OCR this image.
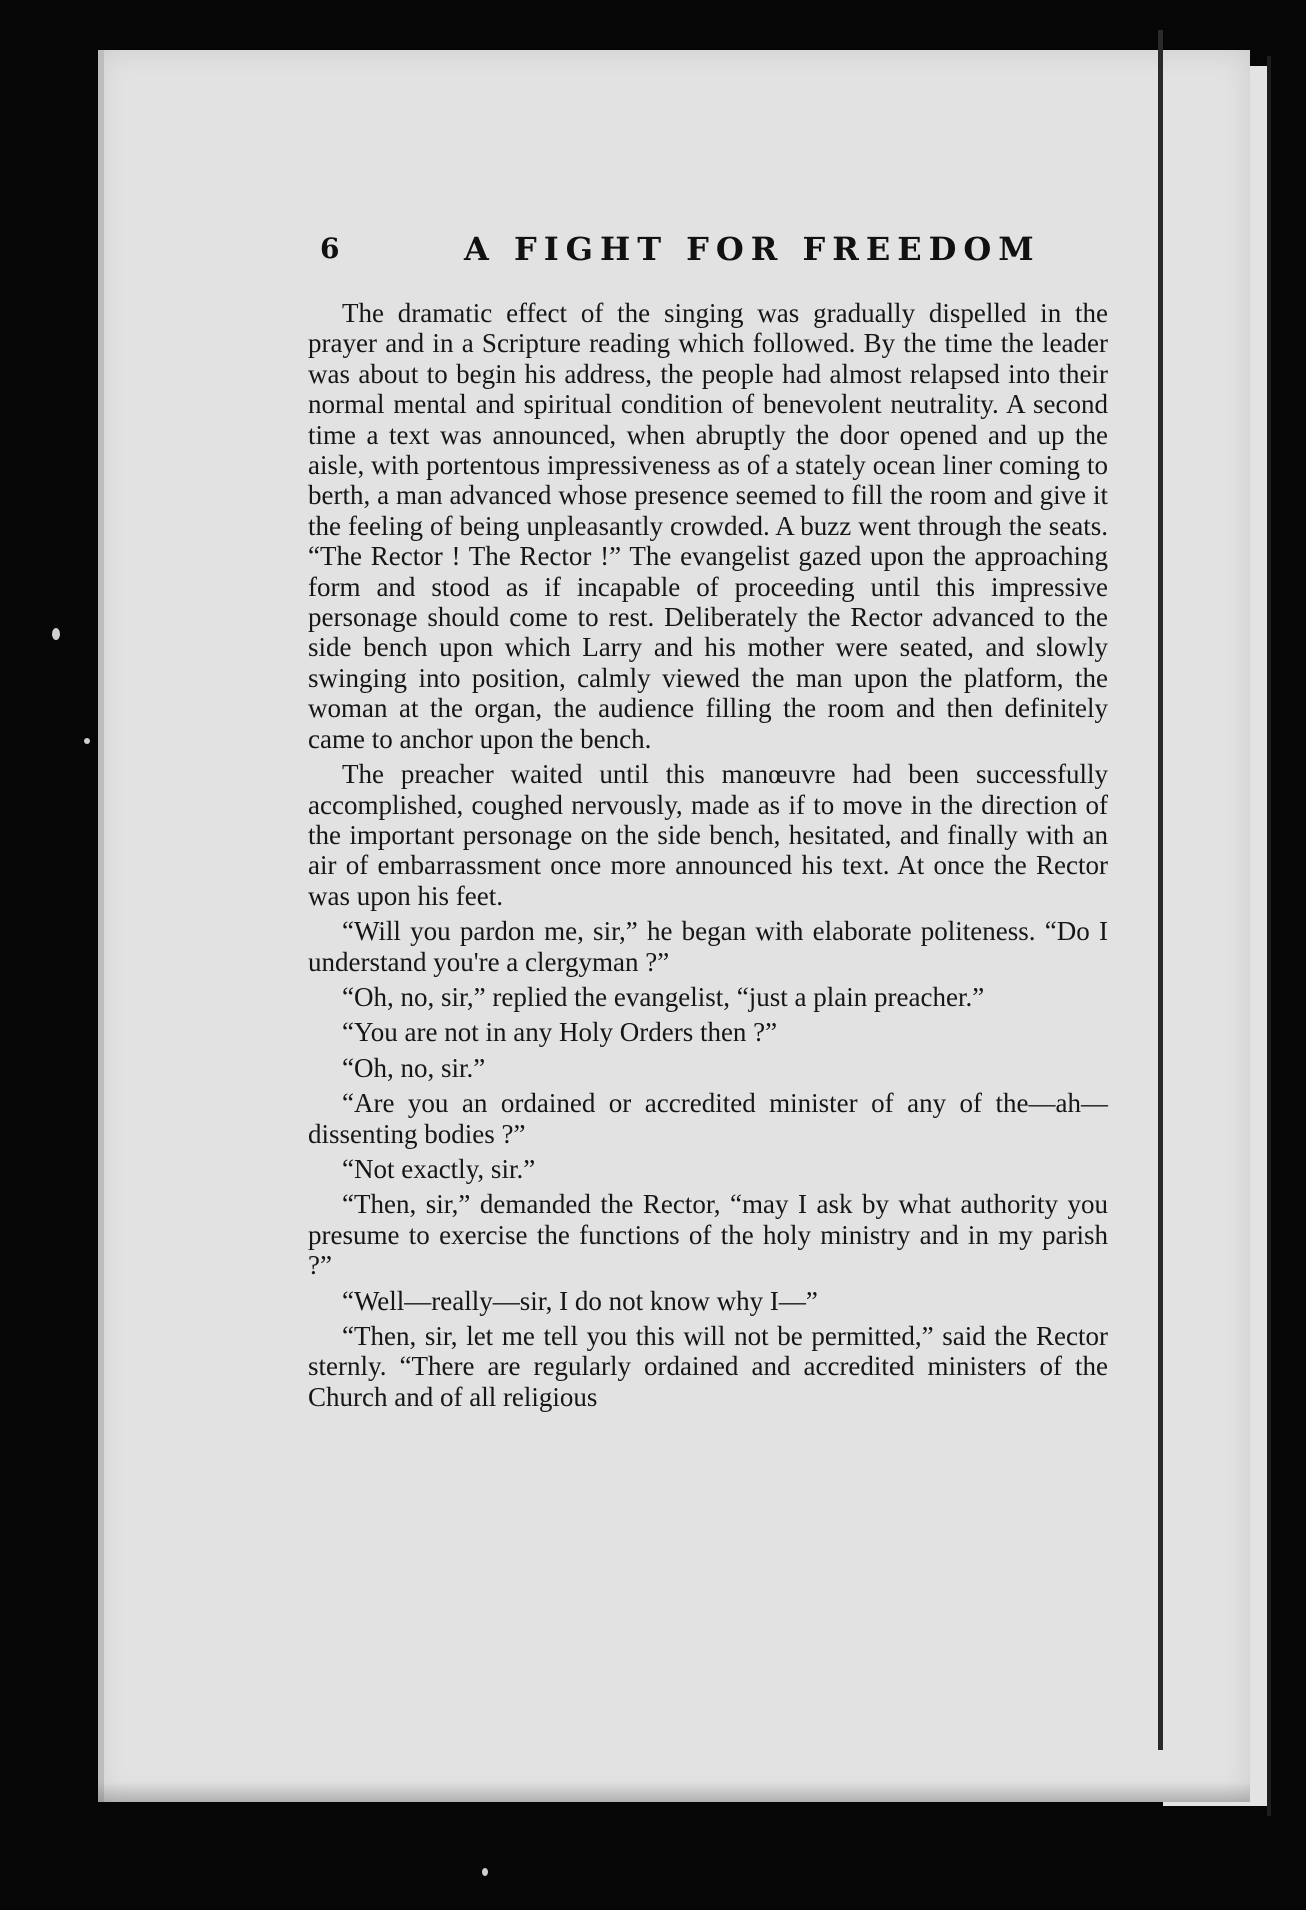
6	A FIGHT FOR FREEDOM

The dramatic effect of the singing was gradually dispelled in the prayer and in a Scripture reading which followed. By the time the leader was about to begin his address, the people had almost relapsed into their normal mental and spiritual condition of benevolent neutrality. A second time a text was announced, when abruptly the door opened and up the aisle, with portentous impressiveness as of a stately ocean liner coming to berth, a man advanced whose presence seemed to fill the room and give it the feeling of being unpleasantly crowded. A buzz went through the seats. “The Rector ! The Rector !” The evangelist gazed upon the approaching form and stood as if incapable of proceeding until this impressive personage should come to rest. Deliberately the Rector advanced to the side bench upon which Larry and his mother were seated, and slowly swinging into position, calmly viewed the man upon the platform, the woman at the organ, the audience filling the room and then definitely came to anchor upon the bench.

The preacher waited until this manœuvre had been successfully accomplished, coughed nervously, made as if to move in the direction of the important personage on the side bench, hesitated, and finally with an air of embarrassment once more announced his text. At once the Rector was upon his feet.

“Will you pardon me, sir,” he began with elaborate politeness. “Do I understand you're a clergyman ?”

“Oh, no, sir,” replied the evangelist, “just a plain preacher.”

“You are not in any Holy Orders then ?”

“Oh, no, sir.”

“Are you an ordained or accredited minister of any of the—ah—dissenting bodies ?”

“Not exactly, sir.”

“Then, sir,” demanded the Rector, “may I ask by what authority you presume to exercise the functions of the holy ministry and in my parish ?”

“Well—really—sir, I do not know why I—”

“Then, sir, let me tell you this will not be permitted,” said the Rector sternly. “There are regularly ordained and accredited ministers of the Church and of all religious
